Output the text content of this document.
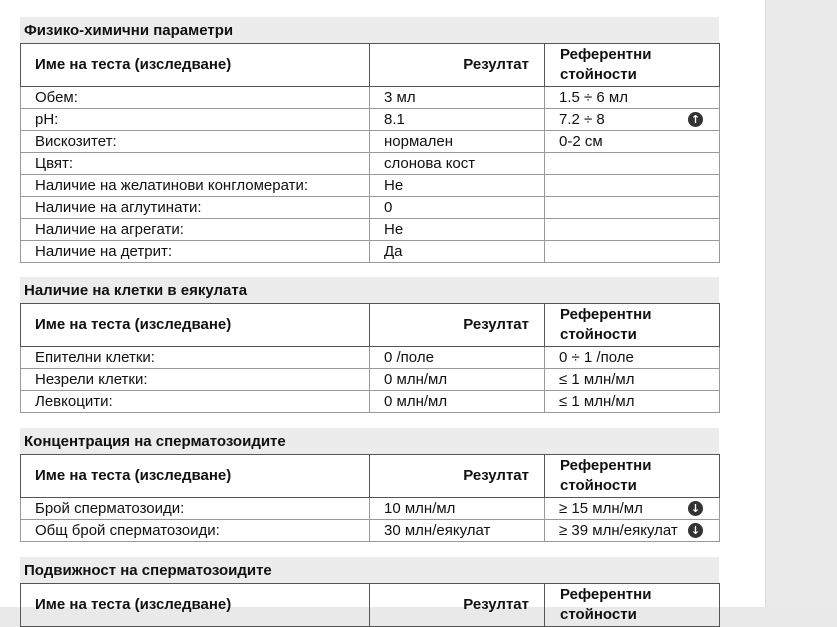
Физико-химични параметри
Име на теста (изследване)	Резултат	Референтни
стойности
Обем:	3 мл	1.5 ÷ 6 мл
pH:	8.1	7.2 ÷ 8 ↑

Вискозитет:	нормален	0-2 см
Цвят:	слонова кост	
Наличие на желатинови конгломерати:	Не	
Наличие на аглутинати:	0	
Наличие на агрегати:	Не	
Наличие на детрит:	Да	
Наличие на клетки в еякулата
Име на теста (изследване)	Резултат	Референтни
стойности
Епителни клетки:	0 /поле	0 ÷ 1 /поле
Незрели клетки:	0 млн/мл	≤ 1 млн/мл
Левкоцити:	0 млн/мл	≤ 1 млн/мл
Концентрация на сперматозоидите
Име на теста (изследване)	Резултат	Референтни
стойности
Брой сперматозоиди:	10 млн/мл	≥ 15 млн/мл ↓

Общ брой сперматозоиди:	30 млн/еякулат	≥ 39 млн/еякулат ↓
Подвижност на сперматозоидите
Име на теста (изследване)	Резултат	Референтни
стойности
